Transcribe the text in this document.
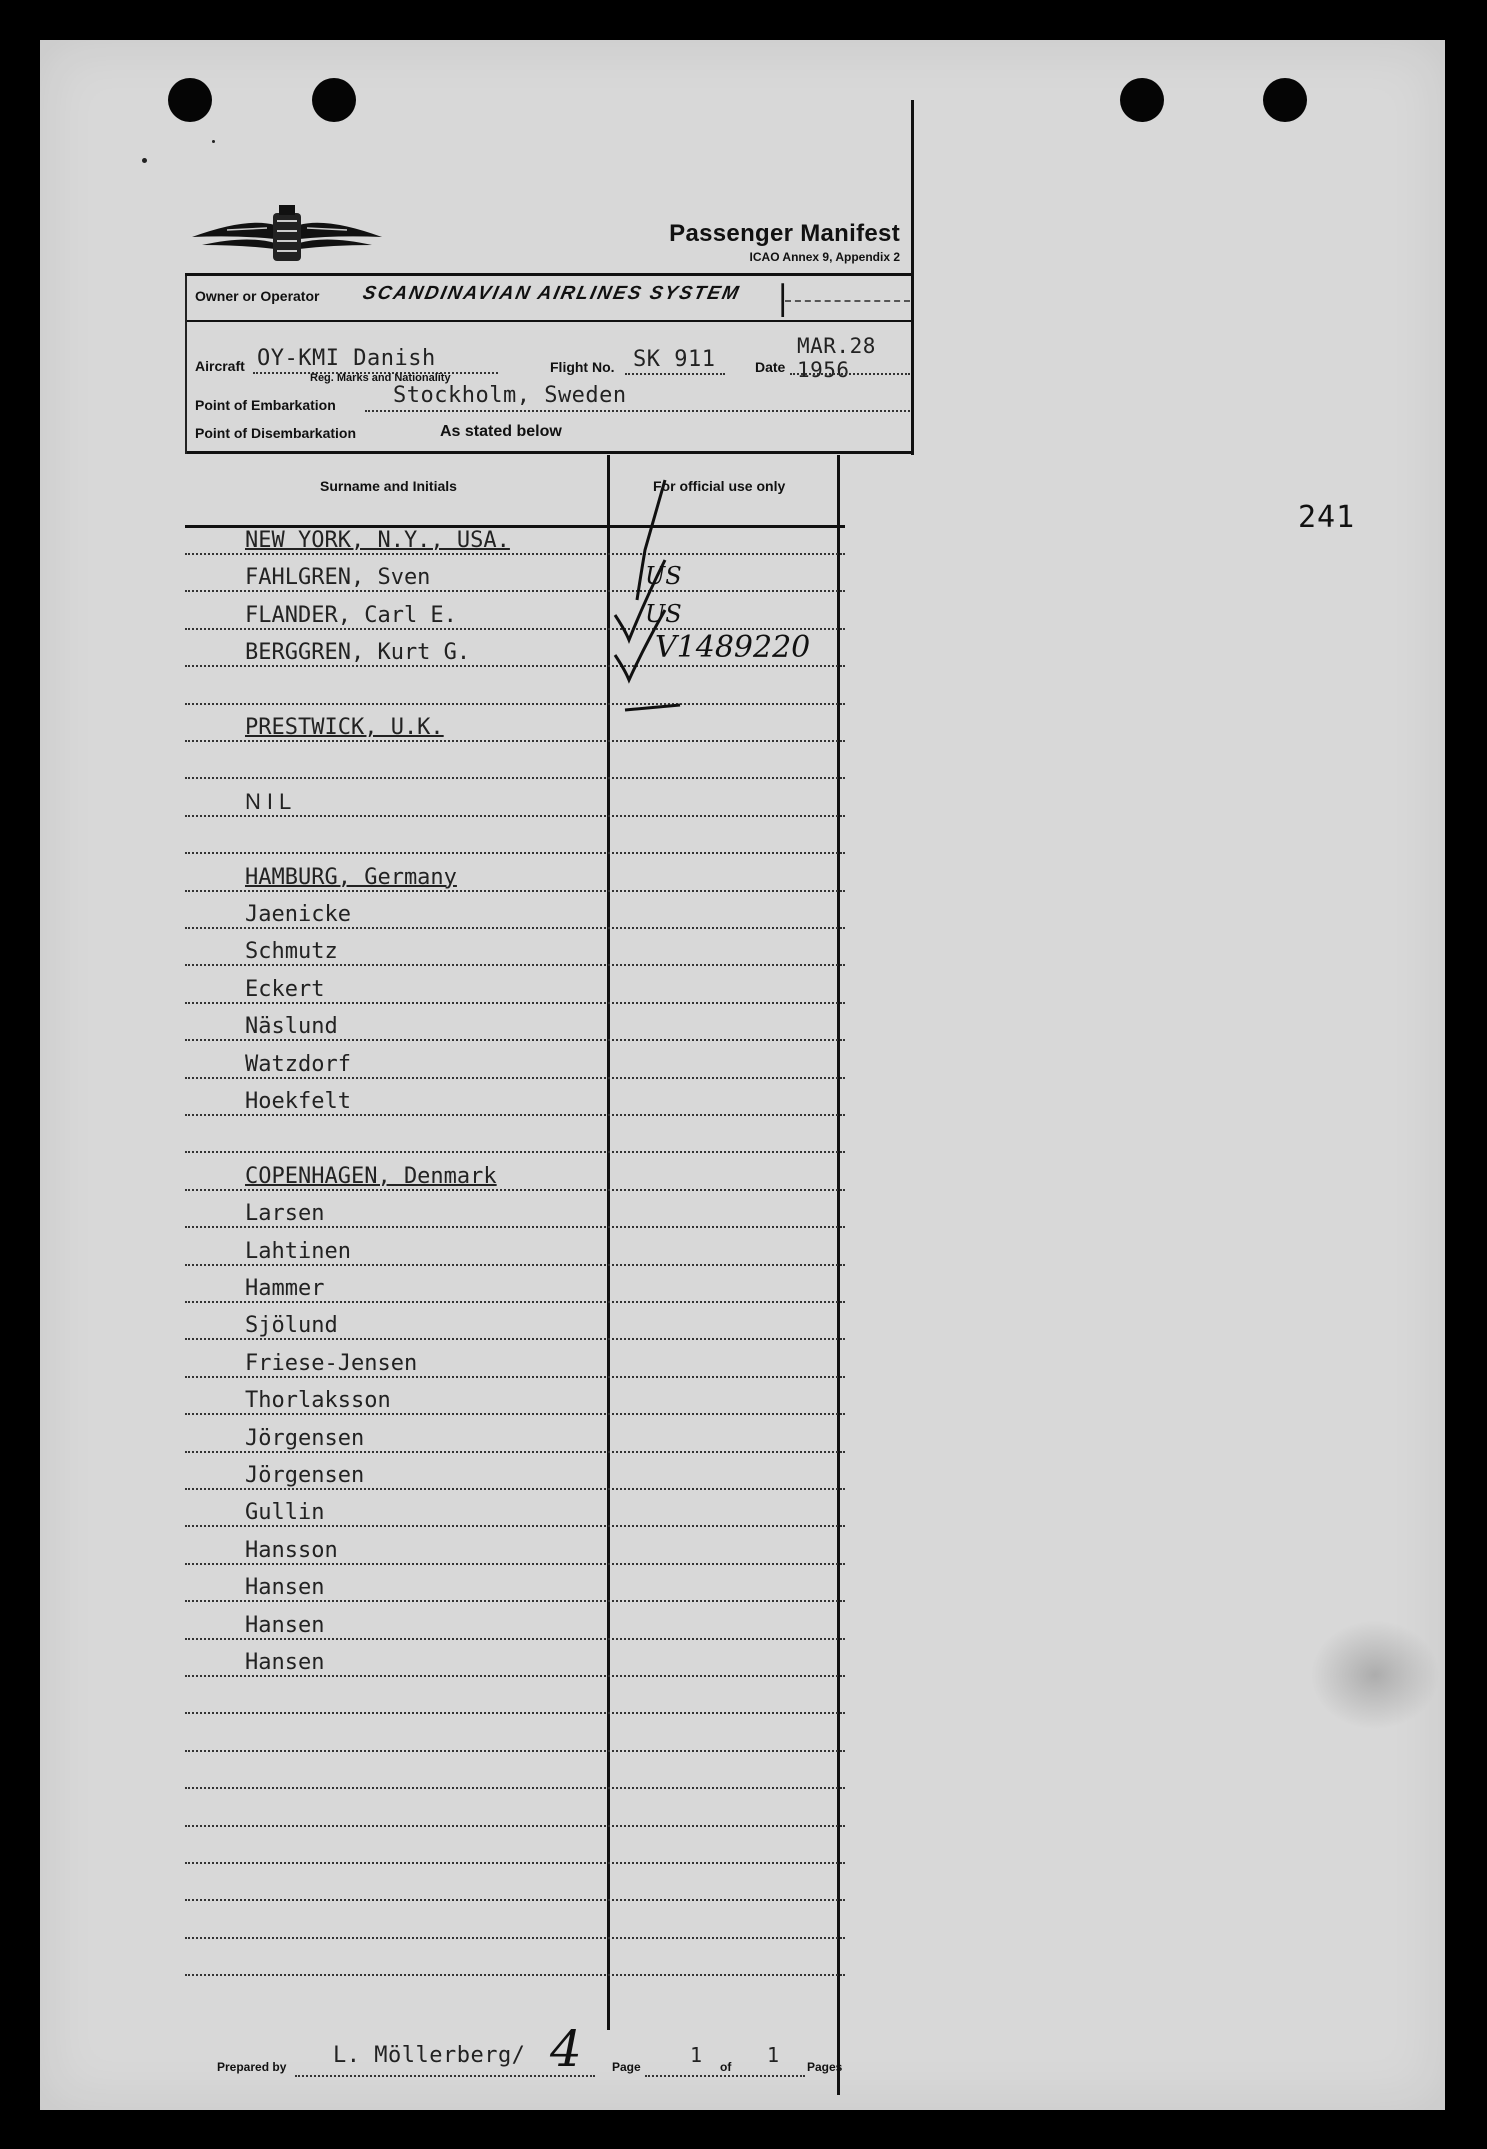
241
Passenger Manifest
ICAO Annex 9, Appendix 2
Owner or Operator SCANDINAVIAN AIRLINES SYSTEM |
Aircraft OY-KMI Danish
Reg. Marks and Nationality
Flight No. SK 911	Date
MAR.28
1956
Point of Embarkation	Stockholm, Sweden
Point of Disembarkation	As stated below
Surname and Initials	For official use only
NEW YORK, N.Y., USA.
FAHLGREN, Sven	US
FLANDER, Carl E.	US
BERGGREN, Kurt G.	V1489220
PRESTWICK, U.K.
NIL
HAMBURG, Germany
Jaenicke
Schmutz
Eckert
Näslund
Watzdorf
Hoekfelt
COPENHAGEN, Denmark
Larsen
Lahtinen
Hammer
Sjölund
Friese-Jensen
Thorlaksson
Jörgensen
Jörgensen
Gullin
Hansson
Hansen
Hansen
Hansen
Prepared by L. Möllerberg/ 4	Page 1 of 1 Pages
